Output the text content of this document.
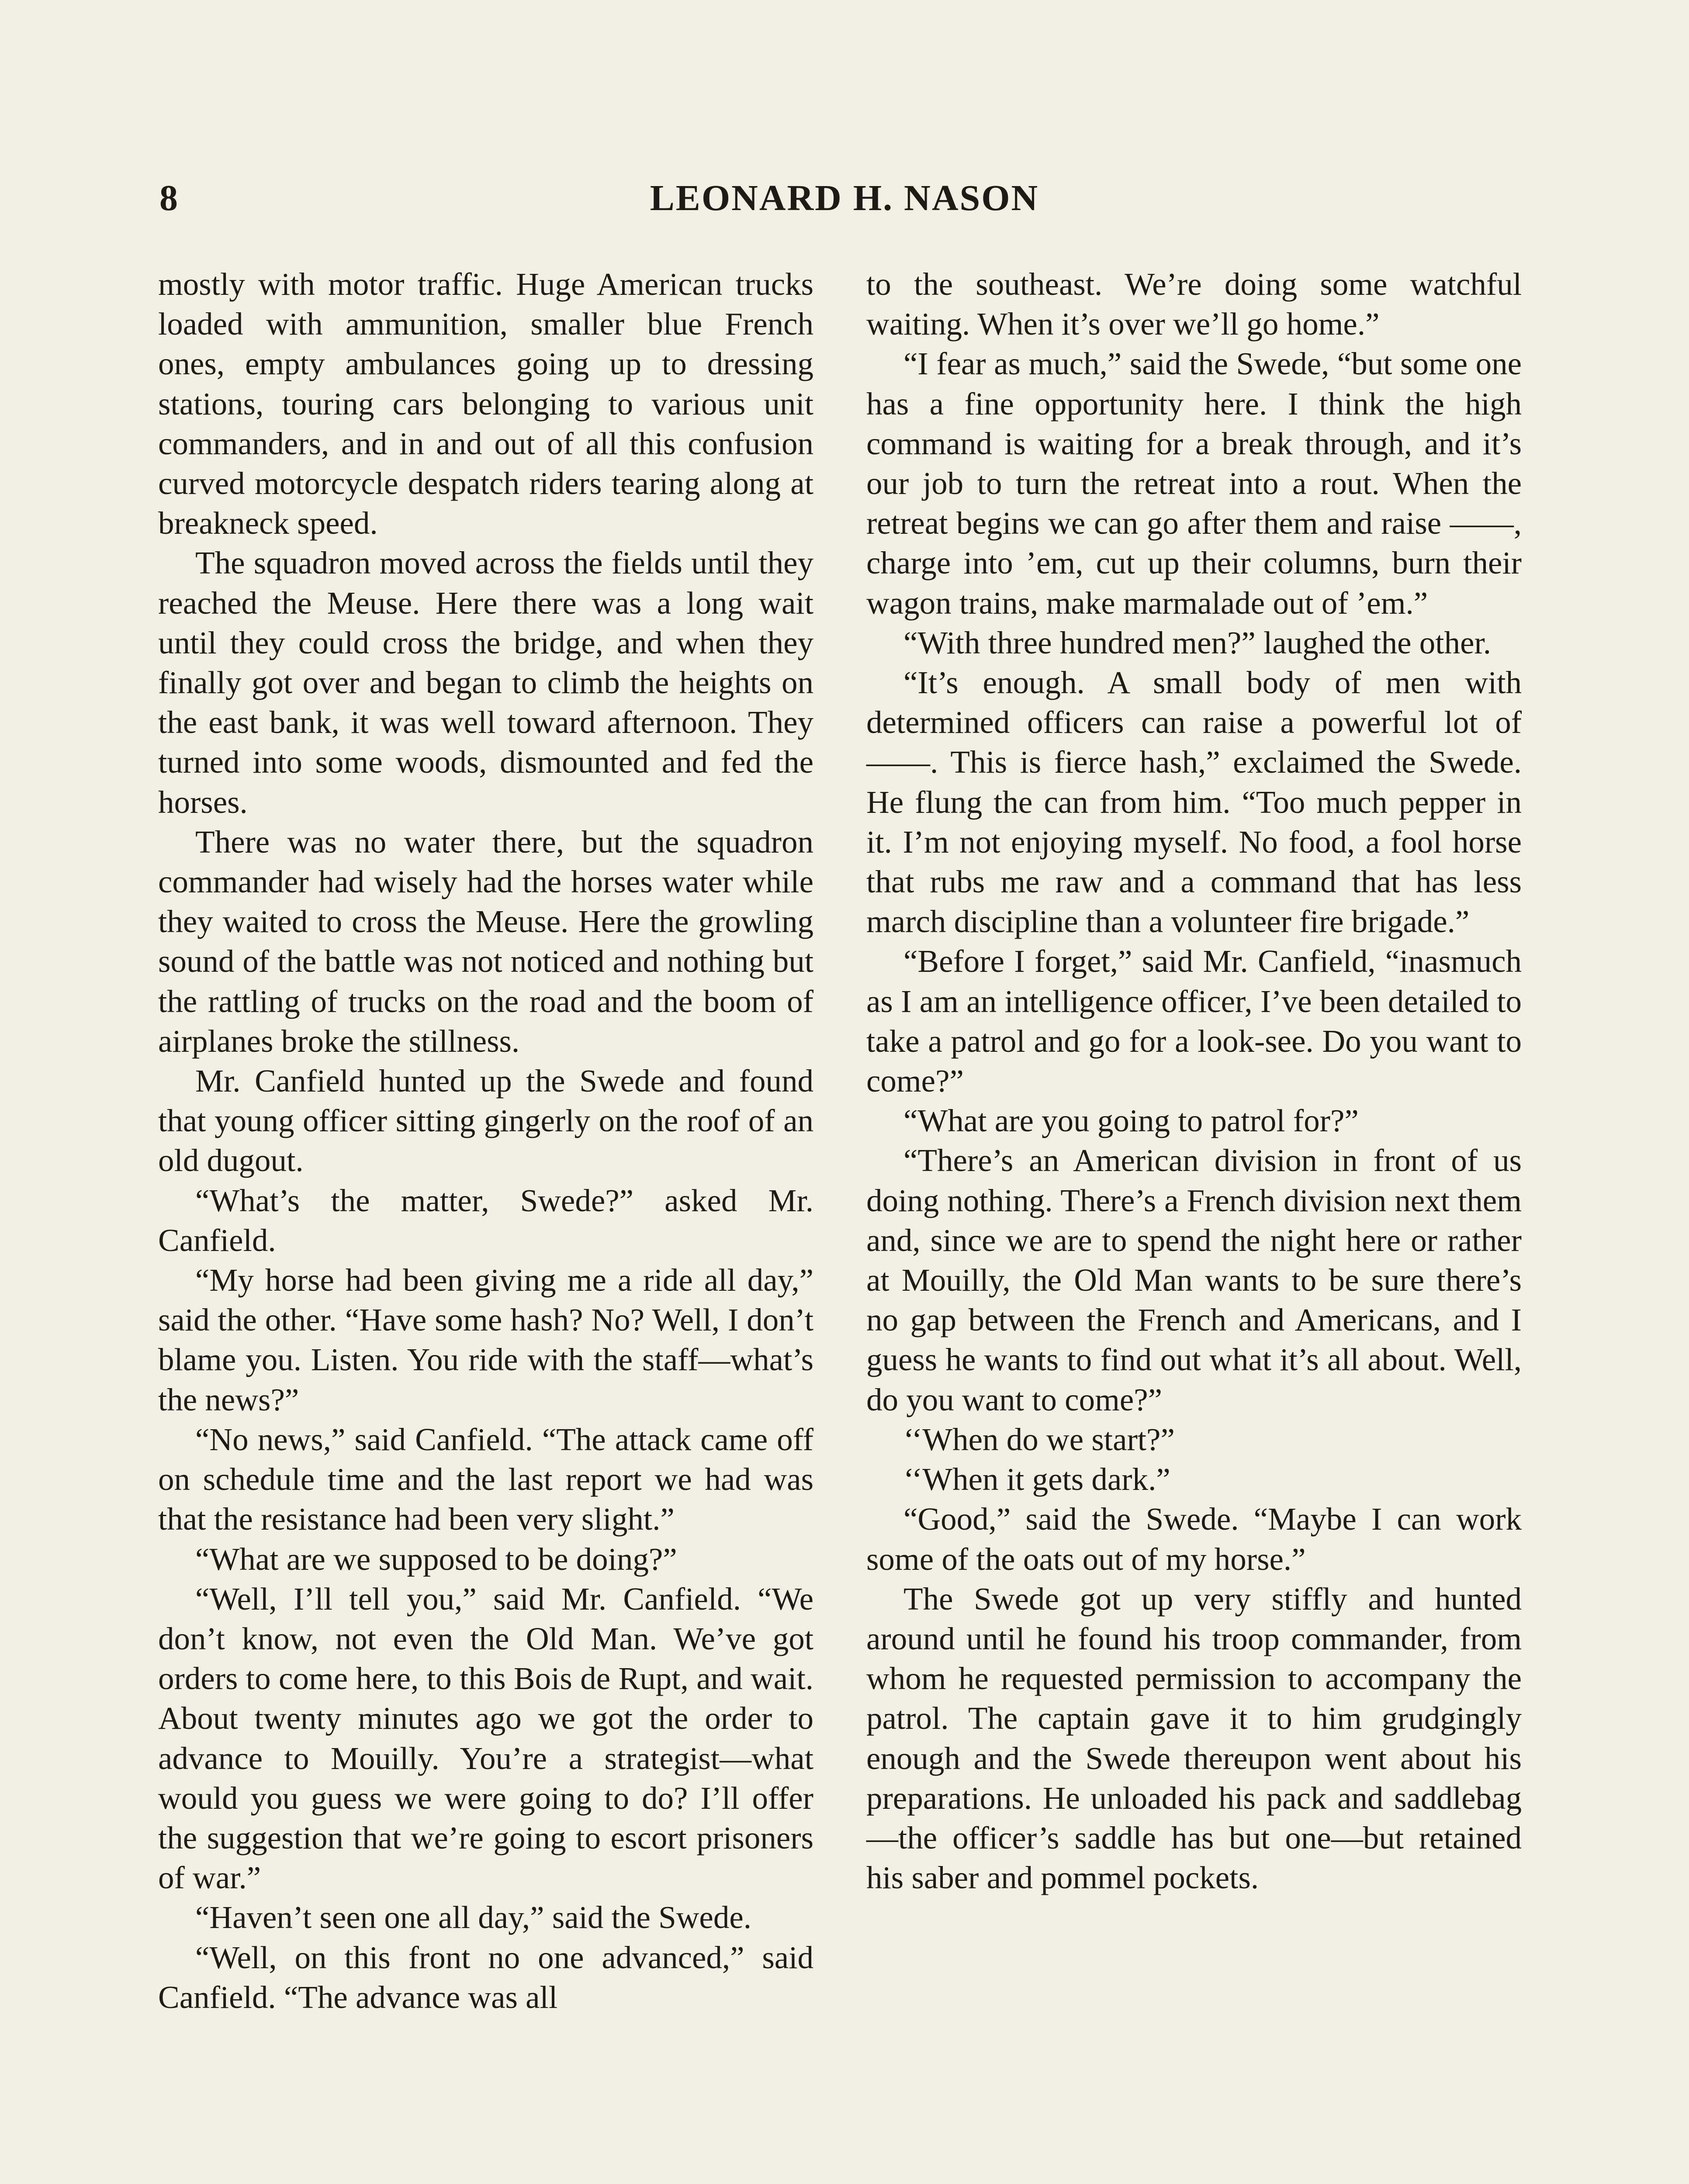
8	LEONARD H. NASON

mostly with motor traffic. Huge American trucks loaded with ammunition, smaller blue French ones, empty ambulances going up to dressing stations, touring cars belonging to various unit commanders, and in and out of all this confusion curved motorcycle despatch riders tearing along at breakneck speed.

The squadron moved across the fields until they reached the Meuse. Here there was a long wait until they could cross the bridge, and when they finally got over and began to climb the heights on the east bank, it was well toward afternoon. They turned into some woods, dismounted and fed the horses.

There was no water there, but the squadron commander had wisely had the horses water while they waited to cross the Meuse. Here the growling sound of the battle was not noticed and nothing but the rattling of trucks on the road and the boom of airplanes broke the stillness.

Mr. Canfield hunted up the Swede and found that young officer sitting gingerly on the roof of an old dugout.

“What’s the matter, Swede?” asked Mr. Canfield.

“My horse had been giving me a ride all day,” said the other. “Have some hash? No? Well, I don’t blame you. Listen. You ride with the staff—what’s the news?”

“No news,” said Canfield. “The attack came off on schedule time and the last report we had was that the resistance had been very slight.”

“What are we supposed to be doing?”

“Well, I’ll tell you,” said Mr. Canfield. “We don’t know, not even the Old Man. We’ve got orders to come here, to this Bois de Rupt, and wait. About twenty minutes ago we got the order to advance to Mouilly. You’re a strategist—what would you guess we were going to do? I’ll offer the suggestion that we’re going to escort prisoners of war.”

“Haven’t seen one all day,” said the Swede.

“Well, on this front no one advanced,” said Canfield. “The advance was all

to the southeast. We’re doing some watchful waiting. When it’s over we’ll go home.”

“I fear as much,” said the Swede, “but some one has a fine opportunity here. I think the high command is waiting for a break through, and it’s our job to turn the retreat into a rout. When the retreat begins we can go after them and raise ——, charge into ’em, cut up their columns, burn their wagon trains, make marmalade out of ’em.”

“With three hundred men?” laughed the other.

“It’s enough. A small body of men with determined officers can raise a powerful lot of ——. This is fierce hash,” exclaimed the Swede. He flung the can from him. “Too much pepper in it. I’m not enjoying myself. No food, a fool horse that rubs me raw and a command that has less march discipline than a volunteer fire brigade.”

“Before I forget,” said Mr. Canfield, “inasmuch as I am an intelligence officer, I’ve been detailed to take a patrol and go for a look-see. Do you want to come?”

“What are you going to patrol for?”

“There’s an American division in front of us doing nothing. There’s a French division next them and, since we are to spend the night here or rather at Mouilly, the Old Man wants to be sure there’s no gap between the French and Americans, and I guess he wants to find out what it’s all about. Well, do you want to come?”

‘‘When do we start?”

‘‘When it gets dark.”

“Good,” said the Swede. “Maybe I can work some of the oats out of my horse.”

The Swede got up very stiffly and hunted around until he found his troop commander, from whom he requested permission to accompany the patrol. The captain gave it to him grudgingly enough and the Swede thereupon went about his preparations. He unloaded his pack and saddlebag—the officer’s saddle has but one—but retained his saber and pommel pockets.
